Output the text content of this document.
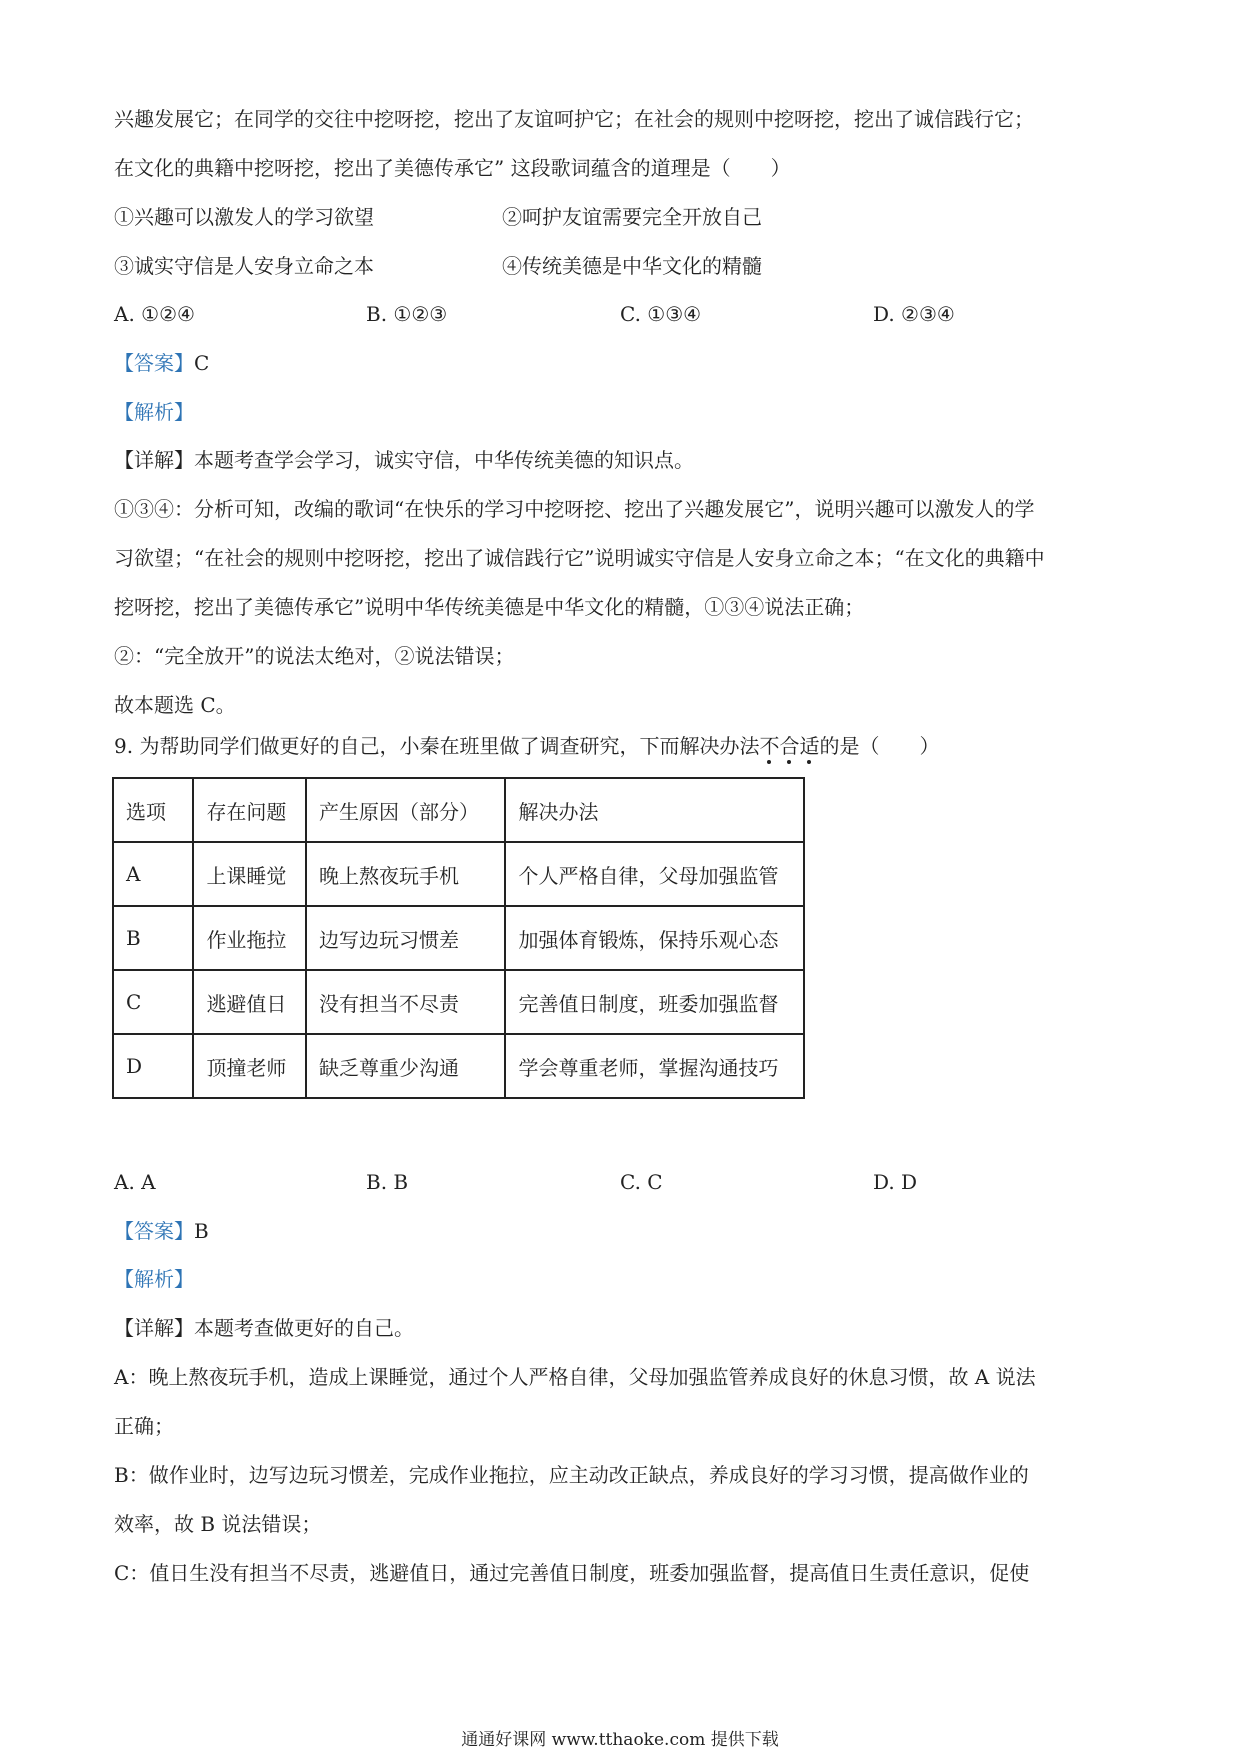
兴趣发展它；在同学的交往中挖呀挖，挖出了友谊呵护它；在社会的规则中挖呀挖，挖出了诚信践行它；
在文化的典籍中挖呀挖，挖出了美德传承它” 这段歌词蕴含的道理是（　　）
①兴趣可以激发人的学习欲望	②呵护友谊需要完全开放自己
③诚实守信是人安身立命之本	④传统美德是中华文化的精髓
A. ①②④	B. ①②③	C. ①③④	D. ②③④
【答案】C
【解析】
【详解】本题考查学会学习，诚实守信，中华传统美德的知识点。
①③④：分析可知，改编的歌词“在快乐的学习中挖呀挖、挖出了兴趣发展它”，说明兴趣可以激发人的学
习欲望；“在社会的规则中挖呀挖，挖出了诚信践行它”说明诚实守信是人安身立命之本；“在文化的典籍中
挖呀挖，挖出了美德传承它”说明中华传统美德是中华文化的精髓，①③④说法正确；
②：“完全放开”的说法太绝对，②说法错误；
故本题选 C。
9. 为帮助同学们做更好的自己，小秦在班里做了调查研究，下而解决办法不合适的是（　　）
选项	存在问题	产生原因（部分）	解决办法
A	上课睡觉	晚上熬夜玩手机	个人严格自律，父母加强监管
B	作业拖拉	边写边玩习惯差	加强体育锻炼，保持乐观心态
C	逃避值日	没有担当不尽责	完善值日制度，班委加强监督
D	顶撞老师	缺乏尊重少沟通	学会尊重老师，掌握沟通技巧
A. A	B. B	C. C	D. D
【答案】B
【解析】
【详解】本题考查做更好的自己。
A：晚上熬夜玩手机，造成上课睡觉，通过个人严格自律，父母加强监管养成良好的休息习惯，故 A 说法
正确；
B：做作业时，边写边玩习惯差，完成作业拖拉，应主动改正缺点，养成良好的学习习惯，提高做作业的
效率，故 B 说法错误；
C：值日生没有担当不尽责，逃避值日，通过完善值日制度，班委加强监督，提高值日生责任意识，促使
通通好课网 www.tthaoke.com 提供下载
